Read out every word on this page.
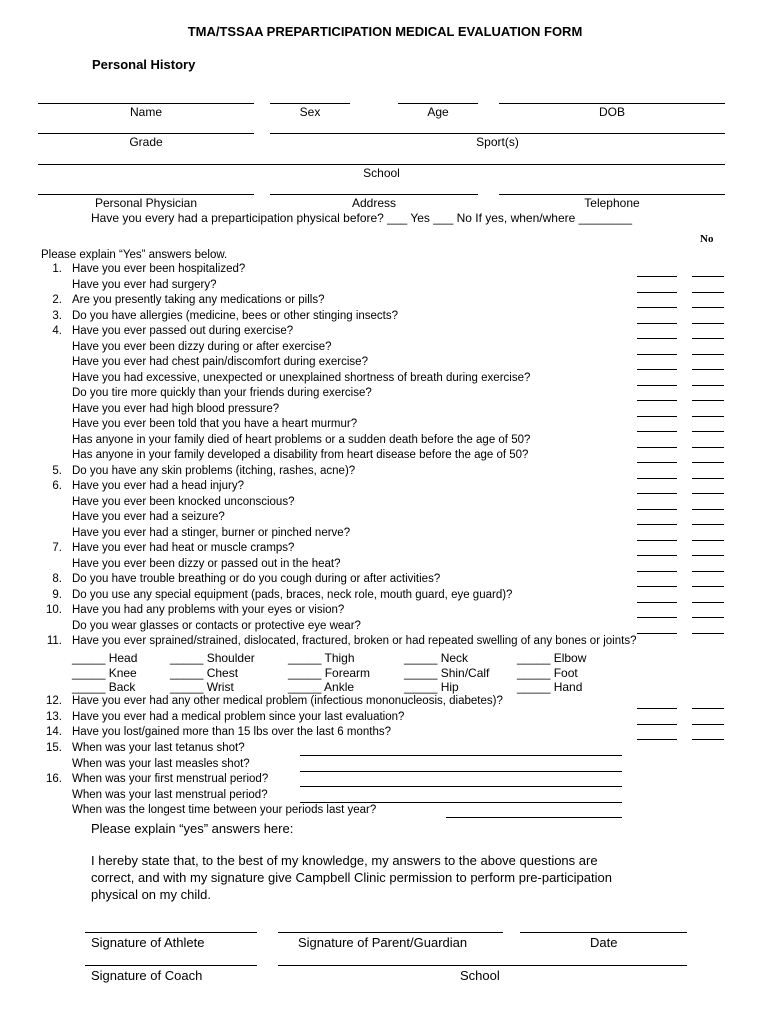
TMA/TSSAA PREPARTICIPATION MEDICAL EVALUATION FORM
Personal History
Name	Sex	Age	DOB
Grade	Sport(s)
School
Personal Physician	Address	Telephone
Have you every had a preparticipation physical before? ___ Yes ___ No If yes, when/where ________
No
Please explain “Yes” answers below.
1. Have you ever been hospitalized?
Have you ever had surgery?
2. Are you presently taking any medications or pills?
3. Do you have allergies (medicine, bees or other stinging insects?
4. Have you ever passed out during exercise?
Have you ever been dizzy during or after exercise?
Have you ever had chest pain/discomfort during exercise?
Have you had excessive, unexpected or unexplained shortness of breath during exercise?
Do you tire more quickly than your friends during exercise?
Have you ever had high blood pressure?
Have you ever been told that you have a heart murmur?
Has anyone in your family died of heart problems or a sudden death before the age of 50?
Has anyone in your family developed a disability from heart disease before the age of 50?
5. Do you have any skin problems (itching, rashes, acne)?
6. Have you ever had a head injury?
Have you ever been knocked unconscious?
Have you ever had a seizure?
Have you ever had a stinger, burner or pinched nerve?
7. Have you ever had heat or muscle cramps?
Have you ever been dizzy or passed out in the heat?
8. Do you have trouble breathing or do you cough during or after activities?
9. Do you use any special equipment (pads, braces, neck role, mouth guard, eye guard)?
10. Have you had any problems with your eyes or vision?
Do you wear glasses or contacts or protective eye wear?
11. Have you ever sprained/strained, dislocated, fractured, broken or had repeated swelling of any bones or joints?
12. Have you ever had any other medical problem (infectious mononucleosis, diabetes)?
13. Have you ever had a medical problem since your last evaluation?
14. Have you lost/gained more than 15 lbs over the last 6 months?
15. When was your last tetanus shot?
When was your last measles shot?
16. When was your first menstrual period?
When was your last menstrual period?
When was the longest time between your periods last year?
_____ Head	_____ Shoulder	_____ Thigh	_____ Neck	_____ Elbow
_____ Knee	_____ Chest	_____ Forearm	_____ Shin/Calf _____ Foot
_____ Back	_____ Wrist	_____ Ankle	_____ Hip	_____ Hand
Please explain “yes” answers here:
I hereby state that, to the best of my knowledge, my answers to the above questions are
correct, and with my signature give Campbell Clinic permission to perform pre-participation
physical on my child.
Signature of Athlete	Signature of Parent/Guardian	Date
Signature of Coach	School
